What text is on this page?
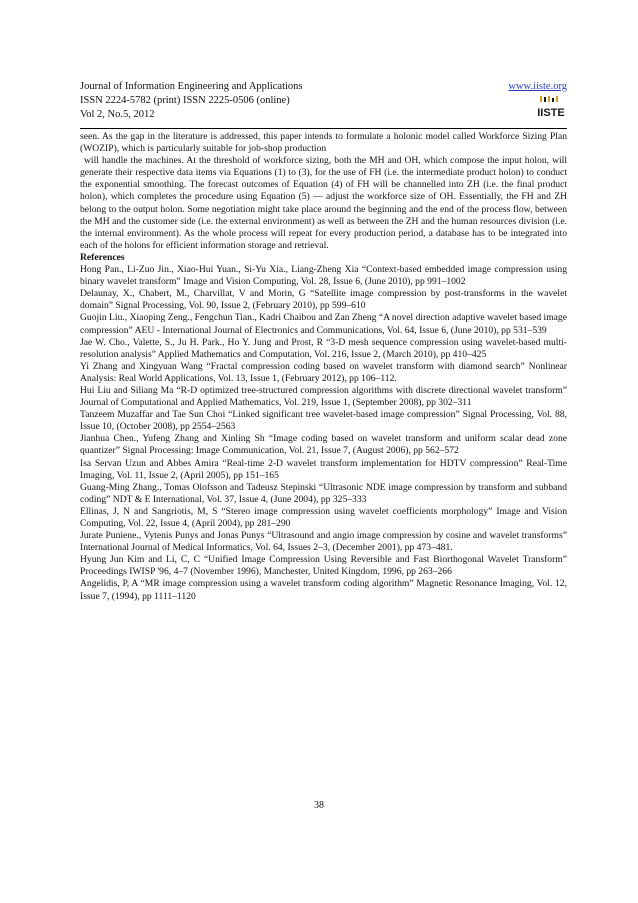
Journal of Information Engineering and Applications
ISSN 2224-5782 (print) ISSN 2225-0506 (online)
Vol 2, No.5, 2012
www.iiste.org
IISTE

seen. As the gap in the literature is addressed, this paper intends to formulate a holonic model called Workforce Sizing Plan (WOZIP), which is particularly suitable for job-shop production

will handle the machines. At the threshold of workforce sizing, both the MH and OH, which compose the input holon, will generate their respective data items via Equations (1) to (3), for the use of FH (i.e. the intermediate product holon) to conduct the exponential smoothing. The forecast outcomes of Equation (4) of FH will be channelled into ZH (i.e. the final product holon), which completes the procedure using Equation (5) ― adjust the workforce size of OH. Essentially, the FH and ZH belong to the output holon. Some negotiation might take place around the beginning and the end of the process flow, between the MH and the customer side (i.e. the external environment) as well as between the ZH and the human resources division (i.e. the internal environment). As the whole process will repeat for every production period, a database has to be integrated into each of the holons for efficient information storage and retrieval.

References

Hong Pan., Li-Zuo Jin., Xiao-Hui Yuan., Si-Yu Xia., Liang-Zheng Xia “Context-based embedded image compression using binary wavelet transform” Image and Vision Computing, Vol. 28, Issue 6, (June 2010), pp 991–1002

Delaunay, X., Chabert, M., Charvillat, V and Morin, G “Satellite image compression by post-transforms in the wavelet domain” Signal Processing, Vol. 90, Issue 2, (February 2010), pp 599–610

Guojin Liu., Xiaoping Zeng., Fengchun Tian., Kadri Chaibou and Zan Zheng “A novel direction adaptive wavelet based image compression” AEU - International Journal of Electronics and Communications, Vol. 64, Issue 6, (June 2010), pp 531–539

Jae W. Cho., Valette, S., Ju H. Park., Ho Y. Jung and Prost, R “3-D mesh sequence compression using wavelet-based multi-resolution analysis” Applied Mathematics and Computation, Vol. 216, Issue 2, (March 2010), pp 410–425

Yi Zhang and Xingyuan Wang “Fractal compression coding based on wavelet transform with diamond search” Nonlinear Analysis: Real World Applications, Vol. 13, Issue 1, (February 2012), pp 106–112.

Hui Liu and Siliang Ma “R-D optimized tree-structured compression algorithms with discrete directional wavelet transform” Journal of Computational and Applied Mathematics, Vol. 219, Issue 1, (September 2008), pp 302–311

Tanzeem Muzaffar and Tae Sun Choi “Linked significant tree wavelet-based image compression” Signal Processing, Vol. 88, Issue 10, (October 2008), pp 2554–2563

Jianhua Chen., Yufeng Zhang and Xinling Sh “Image coding based on wavelet transform and uniform scalar dead zone quantizer” Signal Processing: Image Communication, Vol. 21, Issue 7, (August 2006), pp 562–572

Isa Servan Uzun and Abbes Amira “Real-time 2-D wavelet transform implementation for HDTV compression” Real-Time Imaging, Vol. 11, Issue 2, (April 2005), pp 151–165

Guang-Ming Zhang., Tomas Olofsson and Tadeusz Stepinski “Ultrasonic NDE image compression by transform and subband coding” NDT & E International, Vol. 37, Issue 4, (June 2004), pp 325–333

Ellinas, J, N and Sangriotis, M, S “Stereo image compression using wavelet coefficients morphology” Image and Vision Computing, Vol. 22, Issue 4, (April 2004), pp 281–290

Jurate Puniene., Vytenis Punys and Jonas Punys “Ultrasound and angio image compression by cosine and wavelet transforms” International Journal of Medical Informatics, Vol. 64, Issues 2–3, (December 2001), pp 473–481.

Hyung Jun Kim and Li, C, C “Unified Image Compression Using Reversible and Fast Biorthogonal Wavelet Transform” Proceedings IWISP '96, 4–7 (November 1996), Manchester, United Kingdom, 1996, pp 263–266

Angelidis, P, A “MR image compression using a wavelet transform coding algorithm” Magnetic Resonance Imaging, Vol. 12, Issue 7, (1994), pp 1111–1120

38
